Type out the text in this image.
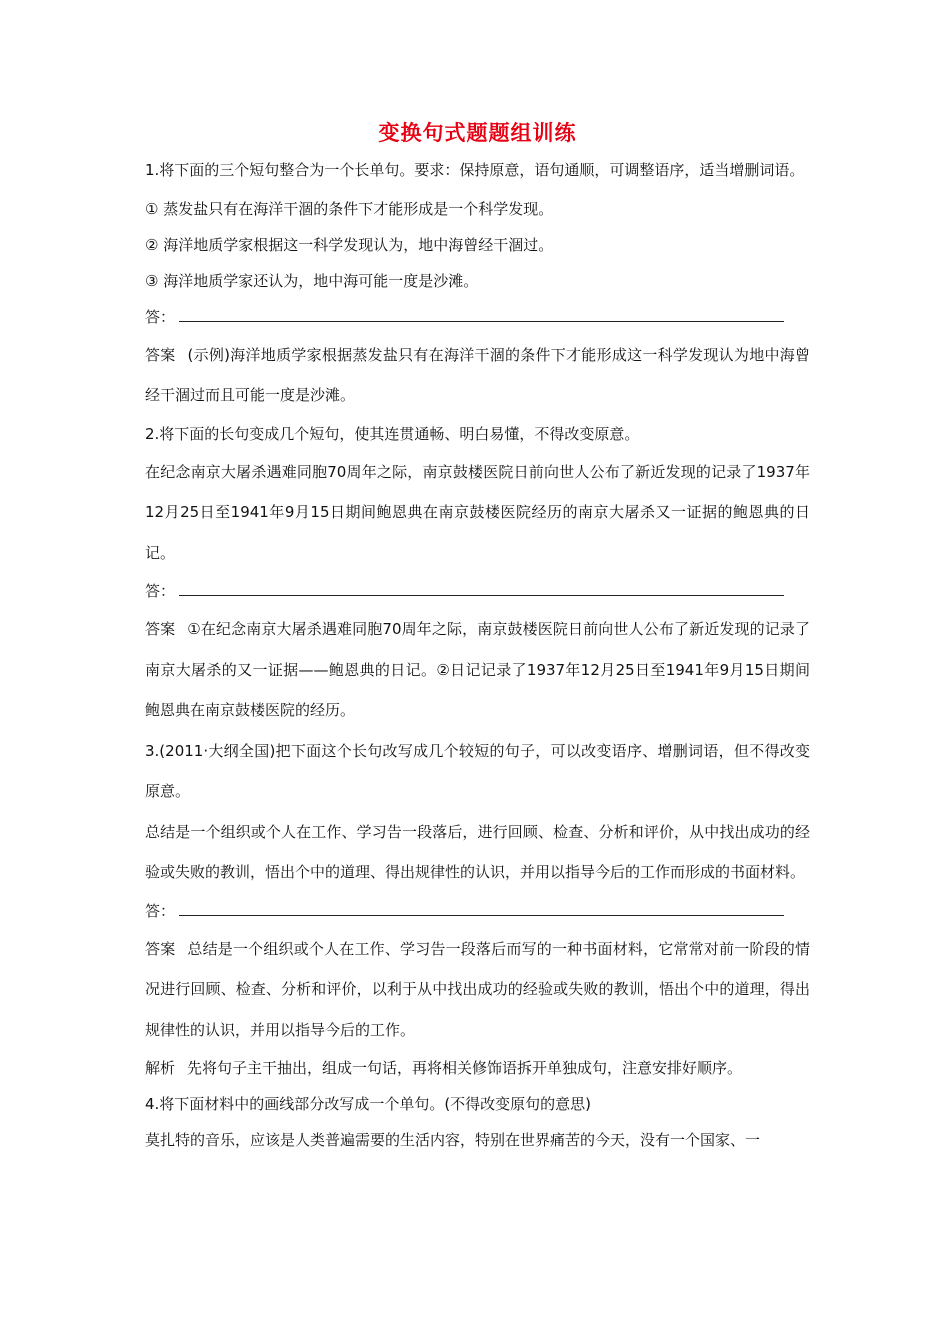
变换句式题题组训练
1.将下面的三个短句整合为一个长单句。要求：保持原意，语句通顺，可调整语序，适当增删词语。
① 蒸发盐只有在海洋干涸的条件下才能形成是一个科学发现。
② 海洋地质学家根据这一科学发现认为，地中海曾经干涸过。
③ 海洋地质学家还认为，地中海可能一度是沙滩。
答：
答案 (示例)海洋地质学家根据蒸发盐只有在海洋干涸的条件下才能形成这一科学发现认为地中海曾经干涸过而且可能一度是沙滩。
2.将下面的长句变成几个短句，使其连贯通畅、明白易懂，不得改变原意。
在纪念南京大屠杀遇难同胞70周年之际，南京鼓楼医院日前向世人公布了新近发现的记录了1937年12月25日至1941年9月15日期间鲍恩典在南京鼓楼医院经历的南京大屠杀又一证据的鲍恩典的日记。
答：
答案 ①在纪念南京大屠杀遇难同胞70周年之际，南京鼓楼医院日前向世人公布了新近发现的记录了南京大屠杀的又一证据——鲍恩典的日记。②日记记录了1937年12月25日至1941年9月15日期间鲍恩典在南京鼓楼医院的经历。
3.(2011·大纲全国)把下面这个长句改写成几个较短的句子，可以改变语序、增删词语，但不得改变原意。
总结是一个组织或个人在工作、学习告一段落后，进行回顾、检查、分析和评价，从中找出成功的经验或失败的教训，悟出个中的道理、得出规律性的认识，并用以指导今后的工作而形成的书面材料。
答：
答案 总结是一个组织或个人在工作、学习告一段落后而写的一种书面材料，它常常对前一阶段的情况进行回顾、检查、分析和评价，以利于从中找出成功的经验或失败的教训，悟出个中的道理，得出规律性的认识，并用以指导今后的工作。
解析 先将句子主干抽出，组成一句话，再将相关修饰语拆开单独成句，注意安排好顺序。
4.将下面材料中的画线部分改写成一个单句。(不得改变原句的意思)
莫扎特的音乐，应该是人类普遍需要的生活内容，特别在世界痛苦的今天，没有一个国家、一
